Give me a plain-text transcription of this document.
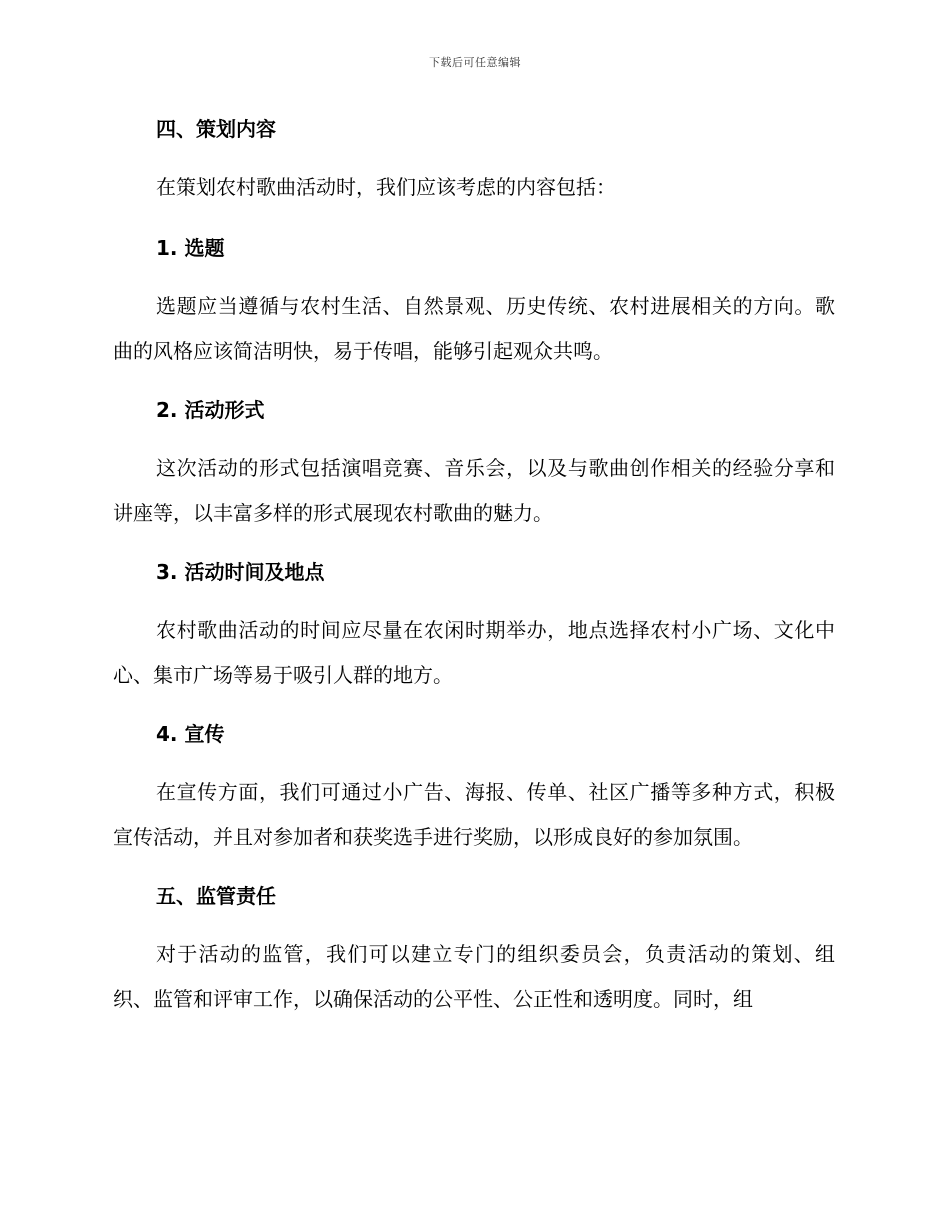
下载后可任意编辑
四、策划内容
在策划农村歌曲活动时，我们应该考虑的内容包括：
1. 选题
选题应当遵循与农村生活、自然景观、历史传统、农村进展相关的方向。歌曲的风格应该简洁明快，易于传唱，能够引起观众共鸣。
2. 活动形式
这次活动的形式包括演唱竞赛、音乐会，以及与歌曲创作相关的经验分享和讲座等，以丰富多样的形式展现农村歌曲的魅力。
3. 活动时间及地点
农村歌曲活动的时间应尽量在农闲时期举办，地点选择农村小广场、文化中心、集市广场等易于吸引人群的地方。
4. 宣传
在宣传方面，我们可通过小广告、海报、传单、社区广播等多种方式，积极宣传活动，并且对参加者和获奖选手进行奖励，以形成良好的参加氛围。
五、监管责任
对于活动的监管，我们可以建立专门的组织委员会，负责活动的策划、组织、监管和评审工作，以确保活动的公平性、公正性和透明度。同时，组
